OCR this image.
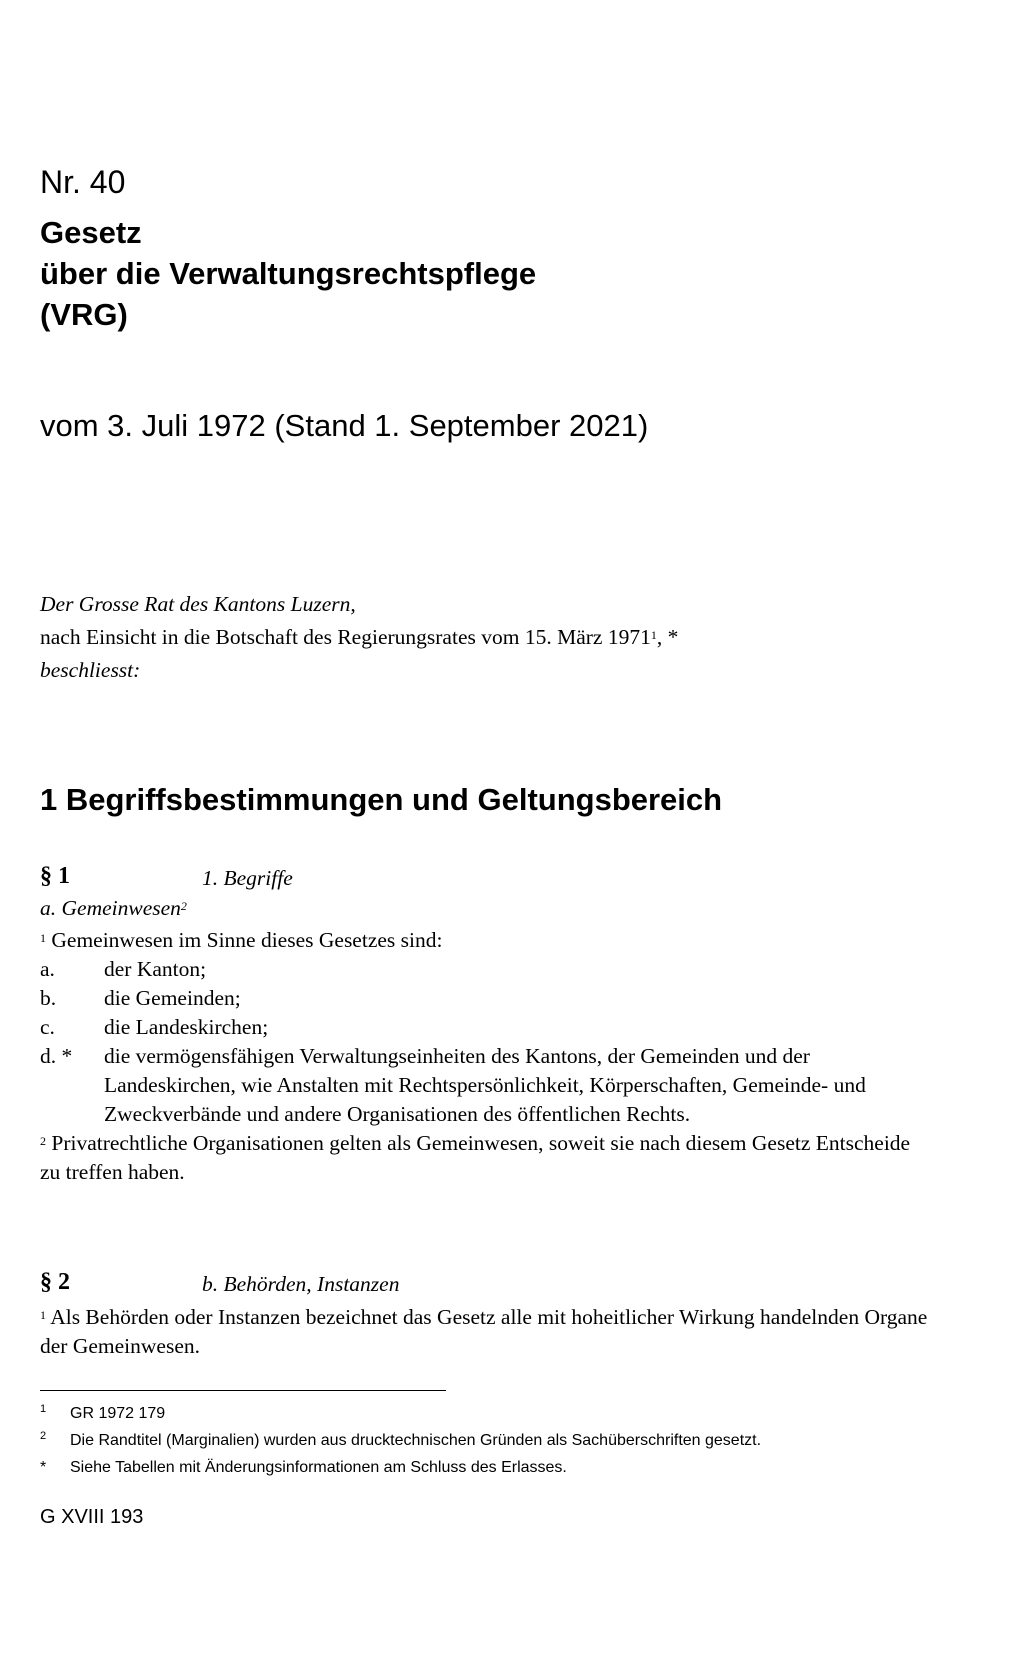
Nr. 40
Gesetz
über die Verwaltungsrechtspflege
(VRG)
vom 3. Juli 1972 (Stand 1. September 2021)
Der Grosse Rat des Kantons Luzern,
nach Einsicht in die Botschaft des Regierungsrates vom 15. März 1971$^1$, *
beschliesst:
1 Begriffsbestimmungen und Geltungsbereich
§ 1	1. Begriffe
a. Gemeinwesen$^2$

$^1$ Gemeinwesen im Sinne dieses Gesetzes sind:

a. der Kanton;
b. die Gemeinden;
c. die Landeskirchen;
d. * die vermögensfähigen Verwaltungseinheiten des Kantons, der Gemeinden und der Landeskirchen, wie Anstalten mit Rechtspersönlichkeit, Körperschaften, Gemeinde- und Zweckverbände und andere Organisationen des öffentlichen Rechts.

$^2$ Privatrechtliche Organisationen gelten als Gemeinwesen, soweit sie nach diesem Gesetz Entscheide zu treffen haben.

§ 2	b. Behörden, Instanzen

$^1$ Als Behörden oder Instanzen bezeichnet das Gesetz alle mit hoheitlicher Wirkung handelnden Organe der Gemeinwesen.

1 GR 1972 179
2 Die Randtitel (Marginalien) wurden aus drucktechnischen Gründen als Sachüberschriften gesetzt.
* Siehe Tabellen mit Änderungsinformationen am Schluss des Erlasses.
G XVIII 193
